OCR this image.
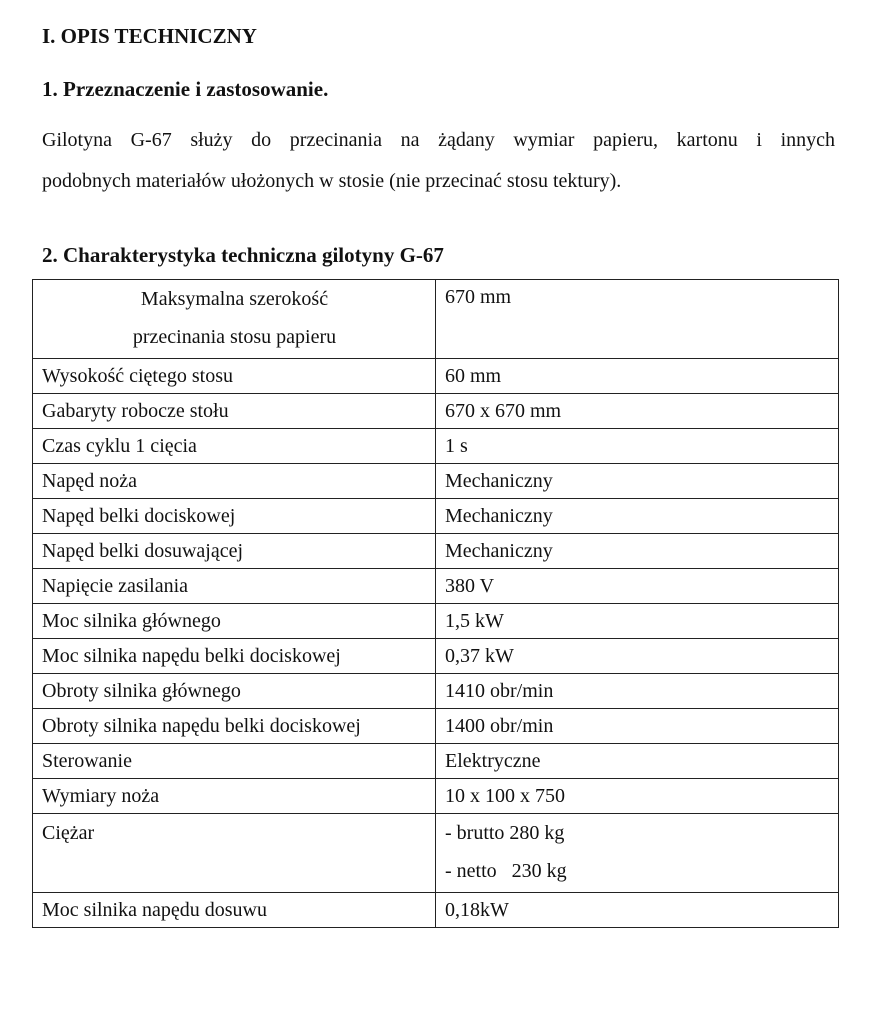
I. OPIS TECHNICZNY
1. Przeznaczenie i zastosowanie.

Gilotyna G-67 służy do przecinania na żądany wymiar papieru, kartonu i innych
podobnych materiałów ułożonych w stosie (nie przecinać stosu tektury).

2. Charakterystyka techniczna gilotyny G-67
Maksymalna szerokość
przecinania stosu papieru	670 mm
Wysokość ciętego stosu	60 mm
Gabaryty robocze stołu	670 x 670 mm
Czas cyklu 1 cięcia	1 s
Napęd noża	Mechaniczny
Napęd belki dociskowej	Mechaniczny
Napęd belki dosuwającej	Mechaniczny
Napięcie zasilania	380 V
Moc silnika głównego	1,5 kW
Moc silnika napędu belki dociskowej	0,37 kW
Obroty silnika głównego	1410 obr/min
Obroty silnika napędu belki dociskowej	1400 obr/min
Sterowanie	Elektryczne
Wymiary noża	10 x 100 x 750
Ciężar	- brutto 280 kg
- netto   230 kg

Moc silnika napędu dosuwu	0,18kW
